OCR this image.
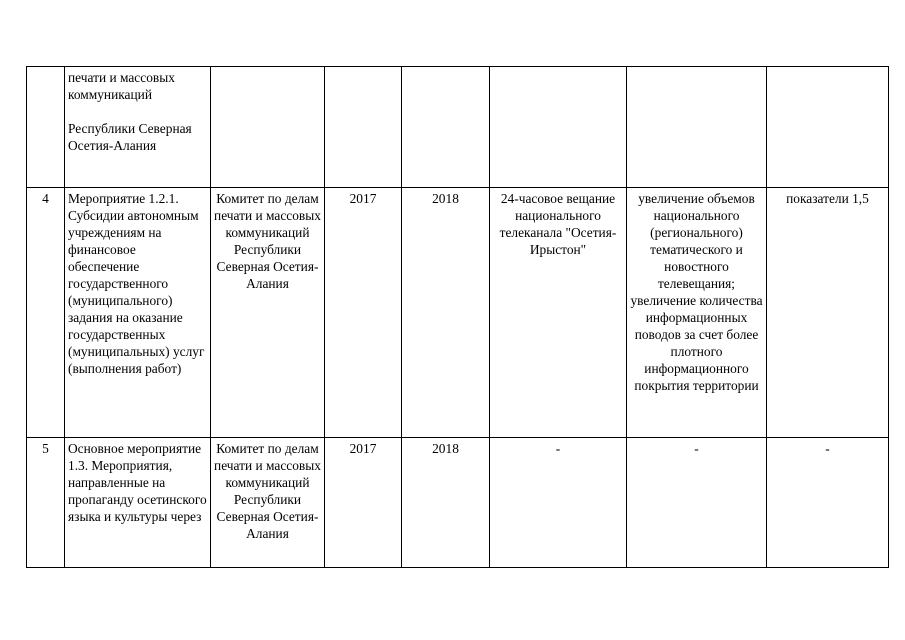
	печати и массовых коммуникаций
Республики Северная Осетия-Алания						

4	Мероприятие 1.2.1. Субсидии автономным учреждениям на финансовое обеспечение государственного (муниципального) задания на оказание государственных (муниципальных) услуг (выполнения работ)	Комитет по делам печати и массовых коммуникаций Республики Северная Осетия-Алания	2017	2018	24-часовое вещание национального телеканала "Осетия-Ирыстон"	увеличение объемов национального (регионального) тематического и новостного телевещания; увеличение количества информационных поводов за счет более плотного информационного покрытия территории	показатели 1,5
5	Основное мероприятие 1.3. Мероприятия, направленные на пропаганду осетинского языка и культуры через	Комитет по делам печати и массовых коммуникаций Республики Северная Осетия-Алания	2017	2018	-	-	-
